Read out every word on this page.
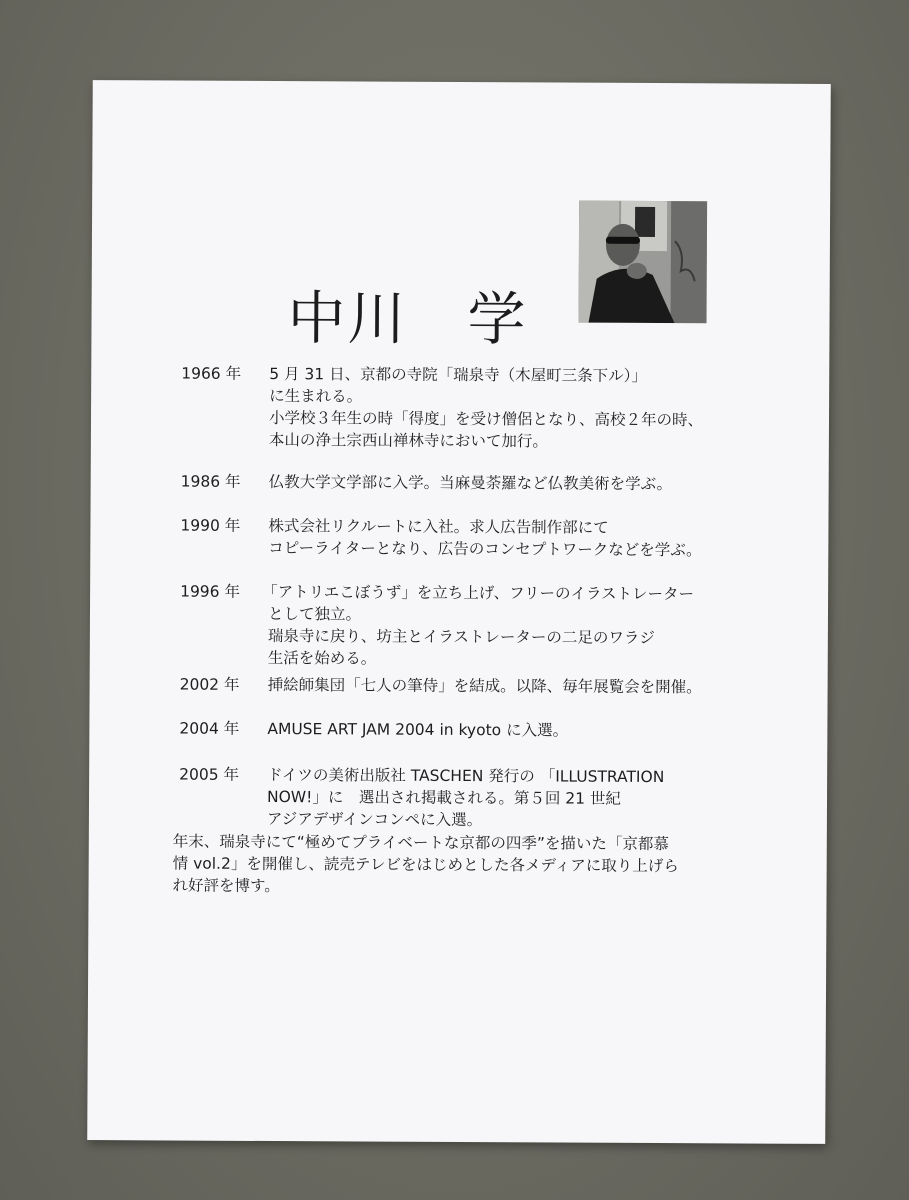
中川　学
1966 年 5 月 31 日、京都の寺院「瑞泉寺（木屋町三条下ル）」
に生まれる。
小学校３年生の時「得度」を受け僧侶となり、高校２年の時、
本山の浄土宗西山禅林寺において加行。
1986 年 仏教大学文学部に入学。当麻曼荼羅など仏教美術を学ぶ。
1990 年 株式会社リクルートに入社。求人広告制作部にて
コピーライターとなり、広告のコンセプトワークなどを学ぶ。
1996 年 「アトリエこぼうず」を立ち上げ、フリーのイラストレーター
として独立。
瑞泉寺に戻り、坊主とイラストレーターの二足のワラジ
生活を始める。
2002 年 挿絵師集団「七人の筆侍」を結成。以降、毎年展覧会を開催。
2004 年 AMUSE ART JAM 2004 in kyoto に入選。
2005 年 ドイツの美術出版社 TASCHEN 発行の 「ILLUSTRATION
NOW!」に　選出され掲載される。第５回 21 世紀
アジアデザインコンペに入選。
年末、瑞泉寺にて“極めてプライベートな京都の四季”を描いた「京都慕
情 vol.2」を開催し、読売テレビをはじめとした各メディアに取り上げら
れ好評を博す。
